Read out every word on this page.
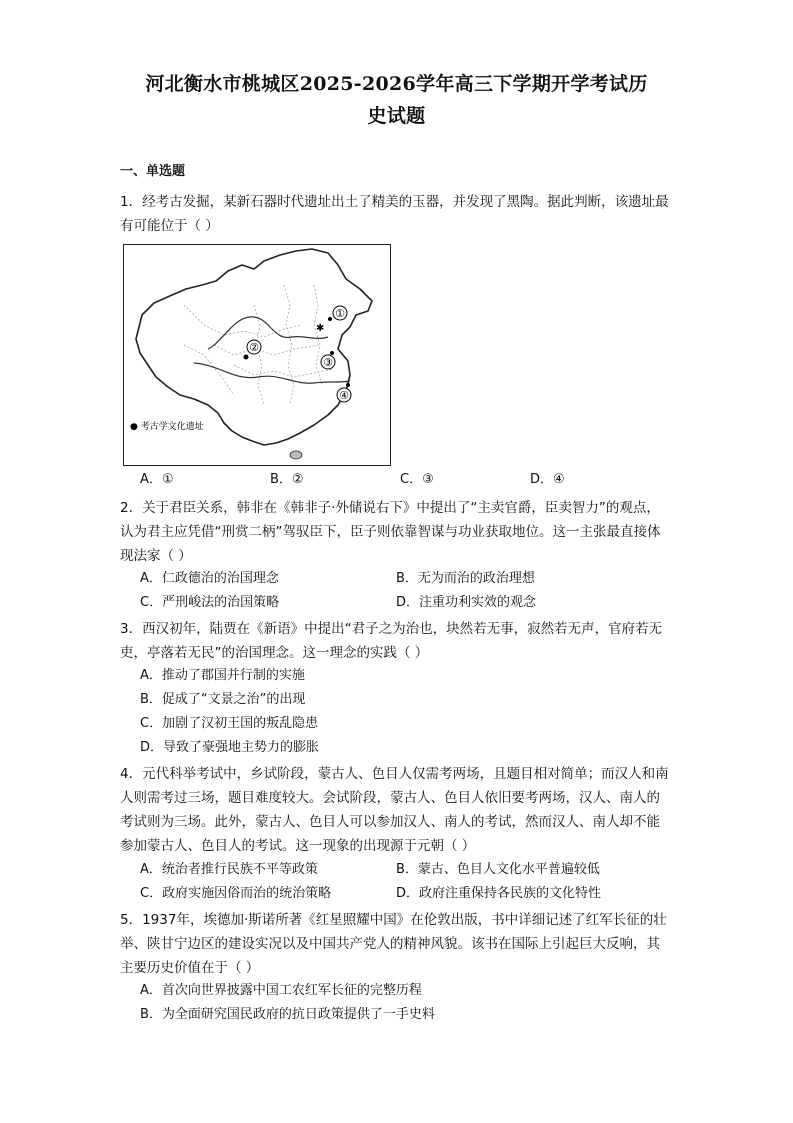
河北衡水市桃城区2025-2026学年高三下学期开学考试历
史试题
一、单选题
1．经考古发掘，某新石器时代遗址出土了精美的玉器，并发现了黑陶。据此判断，该遗址最有可能位于（ ）
✱
①
②
③
④
● 考古学文化遗址
A．①	B．②	C．③	D．④
2．关于君臣关系，韩非在《韩非子·外储说右下》中提出了“主卖官爵，臣卖智力”的观点，认为君主应凭借“刑赏二柄”驾驭臣下，臣子则依靠智谋与功业获取地位。这一主张最直接体现法家（ ）
A．仁政德治的治国理念	B．无为而治的政治理想
C．严刑峻法的治国策略	D．注重功利实效的观念
3．西汉初年，陆贾在《新语》中提出“君子之为治也，块然若无事，寂然若无声，官府若无吏，亭落若无民”的治国理念。这一理念的实践（ ）
A．推动了郡国并行制的实施
B．促成了“文景之治”的出现
C．加剧了汉初王国的叛乱隐患
D．导致了豪强地主势力的膨胀
4．元代科举考试中，乡试阶段，蒙古人、色目人仅需考两场，且题目相对简单；而汉人和南人则需考过三场，题目难度较大。会试阶段，蒙古人、色目人依旧要考两场，汉人、南人的考试则为三场。此外，蒙古人、色目人可以参加汉人、南人的考试，然而汉人、南人却不能参加蒙古人、色目人的考试。这一现象的出现源于元朝（ ）
A．统治者推行民族不平等政策	B．蒙古、色目人文化水平普遍较低
C．政府实施因俗而治的统治策略	D．政府注重保持各民族的文化特性
5．1937年，埃德加·斯诺所著《红星照耀中国》在伦敦出版，书中详细记述了红军长征的壮举、陕甘宁边区的建设实况以及中国共产党人的精神风貌。该书在国际上引起巨大反响，其主要历史价值在于（ ）
A．首次向世界披露中国工农红军长征的完整历程
B．为全面研究国民政府的抗日政策提供了一手史料
